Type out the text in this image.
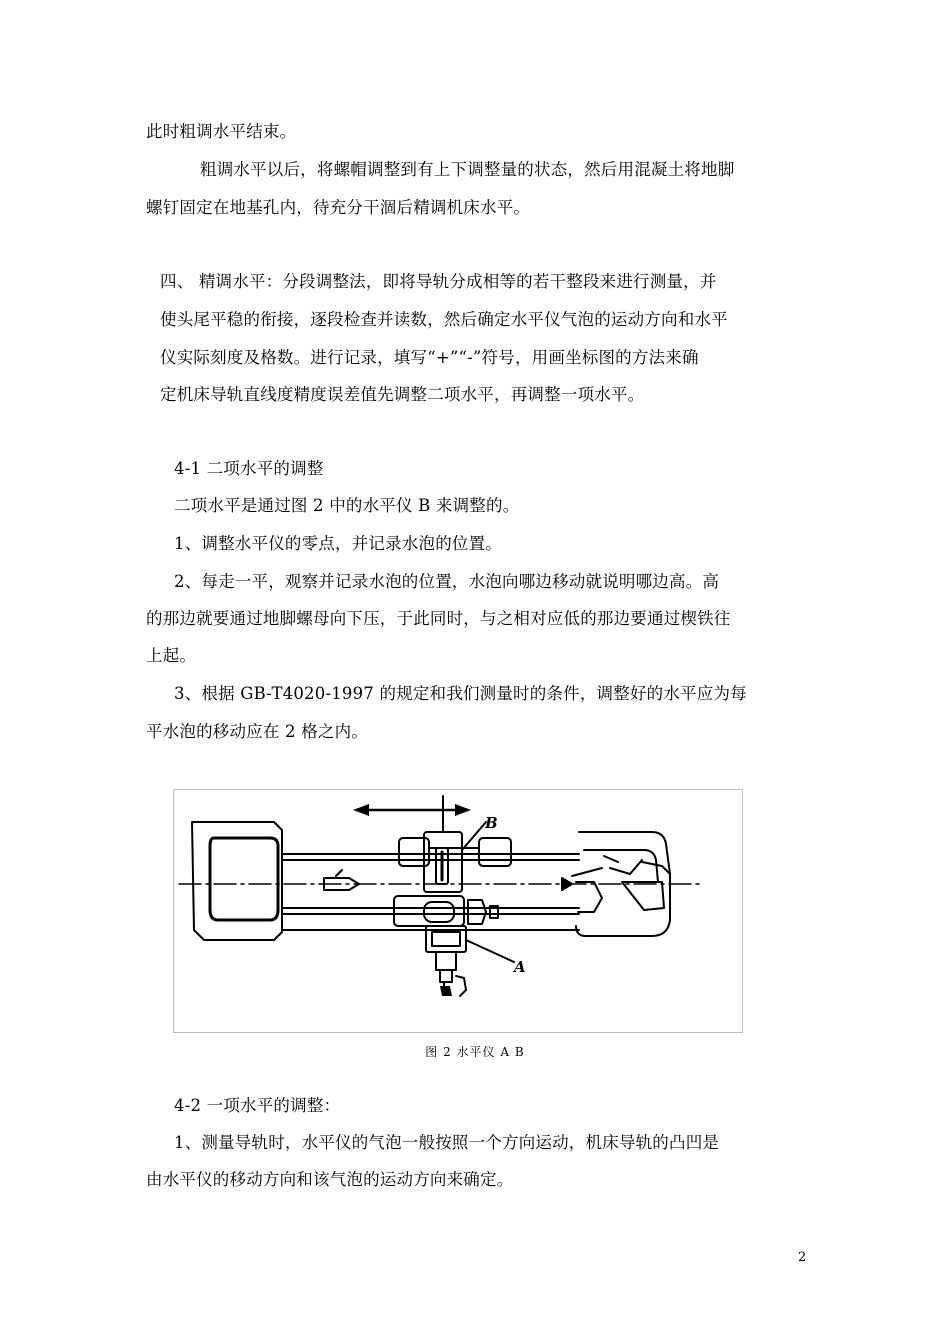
此时粗调水平结束。
粗调水平以后，将螺帽调整到有上下调整量的状态，然后用混凝土将地脚
螺钉固定在地基孔内，待充分干涸后精调机床水平。
四、 精调水平：分段调整法，即将导轨分成相等的若干整段来进行测量，并
使头尾平稳的衔接，逐段检查并读数，然后确定水平仪气泡的运动方向和水平
仪实际刻度及格数。进行记录，填写“+”“-”符号，用画坐标图的方法来确
定机床导轨直线度精度误差值先调整二项水平，再调整一项水平。
4-1 二项水平的调整
二项水平是通过图 2 中的水平仪 B 来调整的。
1、调整水平仪的零点，并记录水泡的位置。
2、每走一平，观察并记录水泡的位置，水泡向哪边移动就说明哪边高。高
的那边就要通过地脚螺母向下压，于此同时，与之相对应低的那边要通过楔铁往
上起。
3、根据 GB-T4020-1997 的规定和我们测量时的条件，调整好的水平应为每
平水泡的移动应在 2 格之内。
B
A
图 2 水平仪 A B
4-2 一项水平的调整：
1、测量导轨时，水平仪的气泡一般按照一个方向运动，机床导轨的凸凹是
由水平仪的移动方向和该气泡的运动方向来确定。
2
